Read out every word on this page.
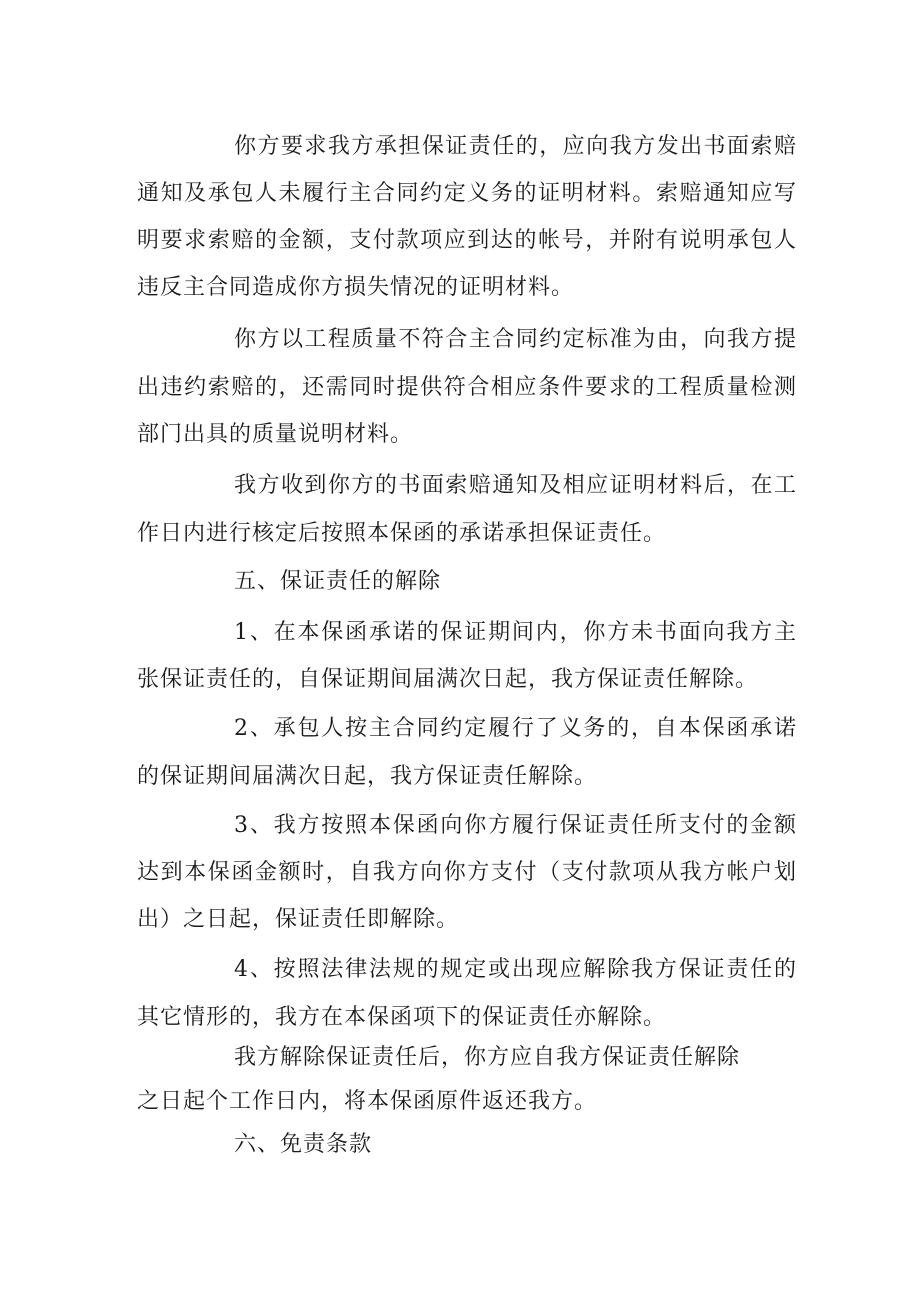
你方要求我方承担保证责任的，应向我方发出书面索赔
通知及承包人未履行主合同约定义务的证明材料。索赔通知应写
明要求索赔的金额，支付款项应到达的帐号，并附有说明承包人
违反主合同造成你方损失情况的证明材料。
你方以工程质量不符合主合同约定标准为由，向我方提
出违约索赔的，还需同时提供符合相应条件要求的工程质量检测
部门出具的质量说明材料。
我方收到你方的书面索赔通知及相应证明材料后，在工
作日内进行核定后按照本保函的承诺承担保证责任。
五、保证责任的解除
1、在本保函承诺的保证期间内，你方未书面向我方主
张保证责任的，自保证期间届满次日起，我方保证责任解除。
2、承包人按主合同约定履行了义务的，自本保函承诺
的保证期间届满次日起，我方保证责任解除。
3、我方按照本保函向你方履行保证责任所支付的金额
达到本保函金额时，自我方向你方支付（支付款项从我方帐户划
出）之日起，保证责任即解除。
4、按照法律法规的规定或出现应解除我方保证责任的
其它情形的，我方在本保函项下的保证责任亦解除。
我方解除保证责任后，你方应自我方保证责任解除
之日起个工作日内，将本保函原件返还我方。
六、免责条款
